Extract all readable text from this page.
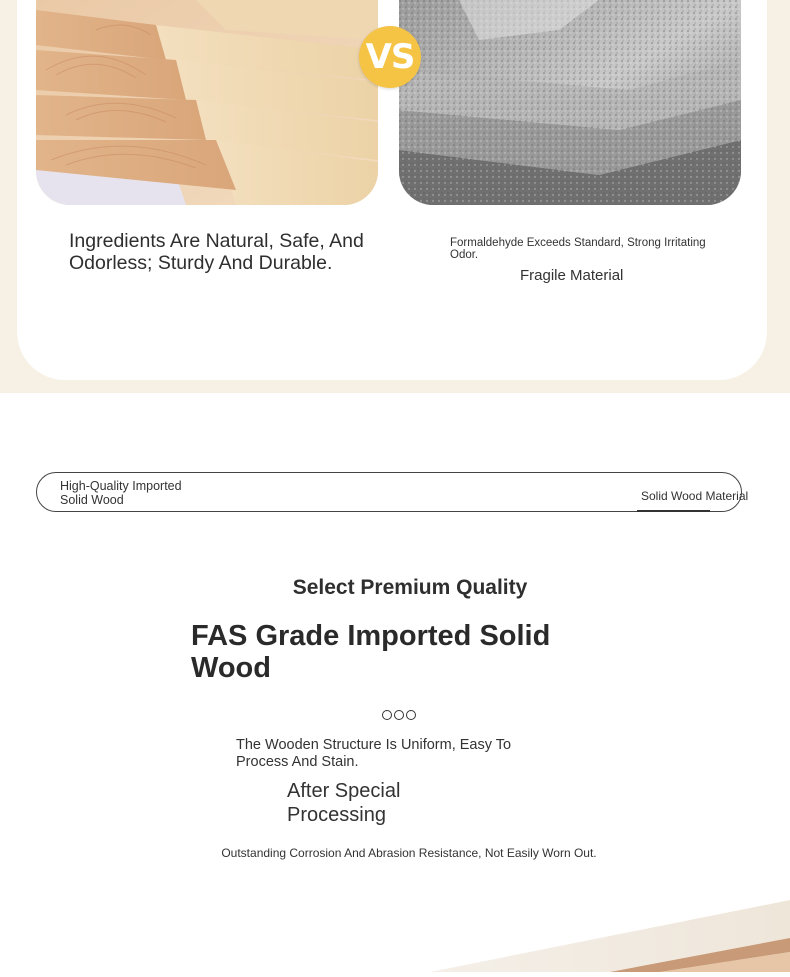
VS
Ingredients Are Natural, Safe, And Odorless; Sturdy And Durable.
Formaldehyde Exceeds Standard, Strong Irritating Odor.
Fragile Material
High-Quality Imported Solid Wood	Solid Wood Material
Select Premium Quality
FAS Grade Imported Solid Wood
The Wooden Structure Is Uniform, Easy To Process And Stain.
After Special Processing
Outstanding Corrosion And Abrasion Resistance, Not Easily Worn Out.
